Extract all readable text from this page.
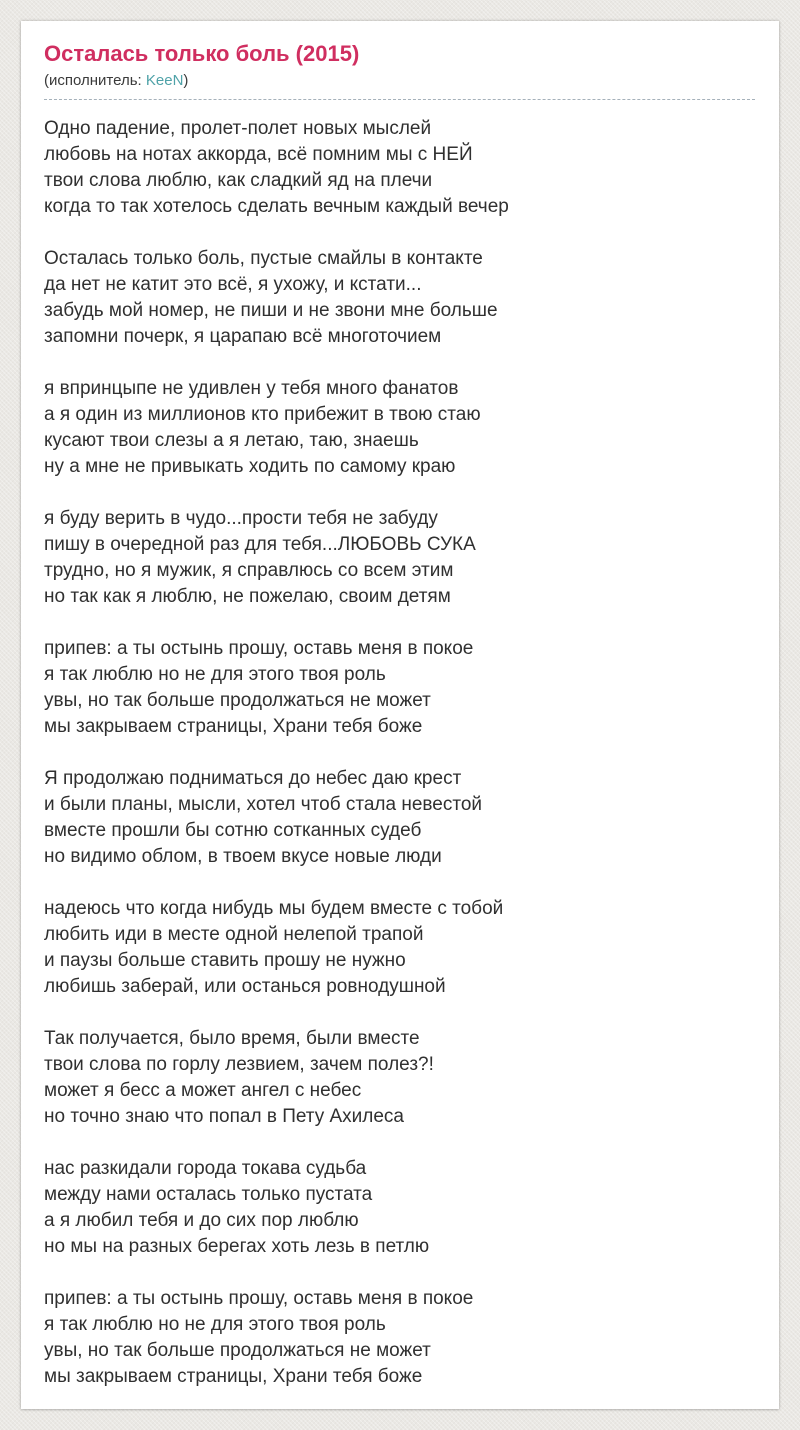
Осталась только боль (2015)
(исполнитель: KeeN)

Одно падение, пролет-полет новых мыслей
любовь на нотах аккорда, всё помним мы с НЕЙ
твои слова люблю, как сладкий яд на плечи
когда то так хотелось сделать вечным каждый вечер

Осталась только боль, пустые смайлы в контакте
да нет не катит это всё, я ухожу, и кстати...
забудь мой номер, не пиши и не звони мне больше
запомни почерк, я царапаю всё многоточием

я впринцыпе не удивлен у тебя много фанатов
а я один из миллионов кто прибежит в твою стаю
кусают твои слезы а я летаю, таю, знаешь
ну а мне не привыкать ходить по самому краю

я буду верить в чудо...прости тебя не забуду
пишу в очередной раз для тебя...ЛЮБОВЬ СУКА
трудно, но я мужик, я справлюсь со всем этим
но так как я люблю, не пожелаю, своим детям

припев: а ты остынь прошу, оставь меня в покое
я так люблю но не для этого твоя роль
увы, но так больше продолжаться не может
мы закрываем страницы, Храни тебя боже

Я продолжаю подниматься до небес даю крест
и были планы, мысли, хотел чтоб стала невестой
вместе прошли бы сотню сотканных судеб
но видимо облом, в твоем вкусе новые люди

надеюсь что когда нибудь мы будем вместе с тобой
любить иди в месте одной нелепой трапой
и паузы больше ставить прошу не нужно
любишь заберай, или останься ровнодушной

Так получается, было время, были вместе
твои слова по горлу лезвием, зачем полез?!
может я бесс а может ангел с небес
но точно знаю что попал в Пету Ахилеса

нас разкидали города токава судьба
между нами осталась только пустата
а я любил тебя и до сих пор люблю
но мы на разных берегах хоть лезь в петлю

припев: а ты остынь прошу, оставь меня в покое
я так люблю но не для этого твоя роль
увы, но так больше продолжаться не может
мы закрываем страницы, Храни тебя боже
